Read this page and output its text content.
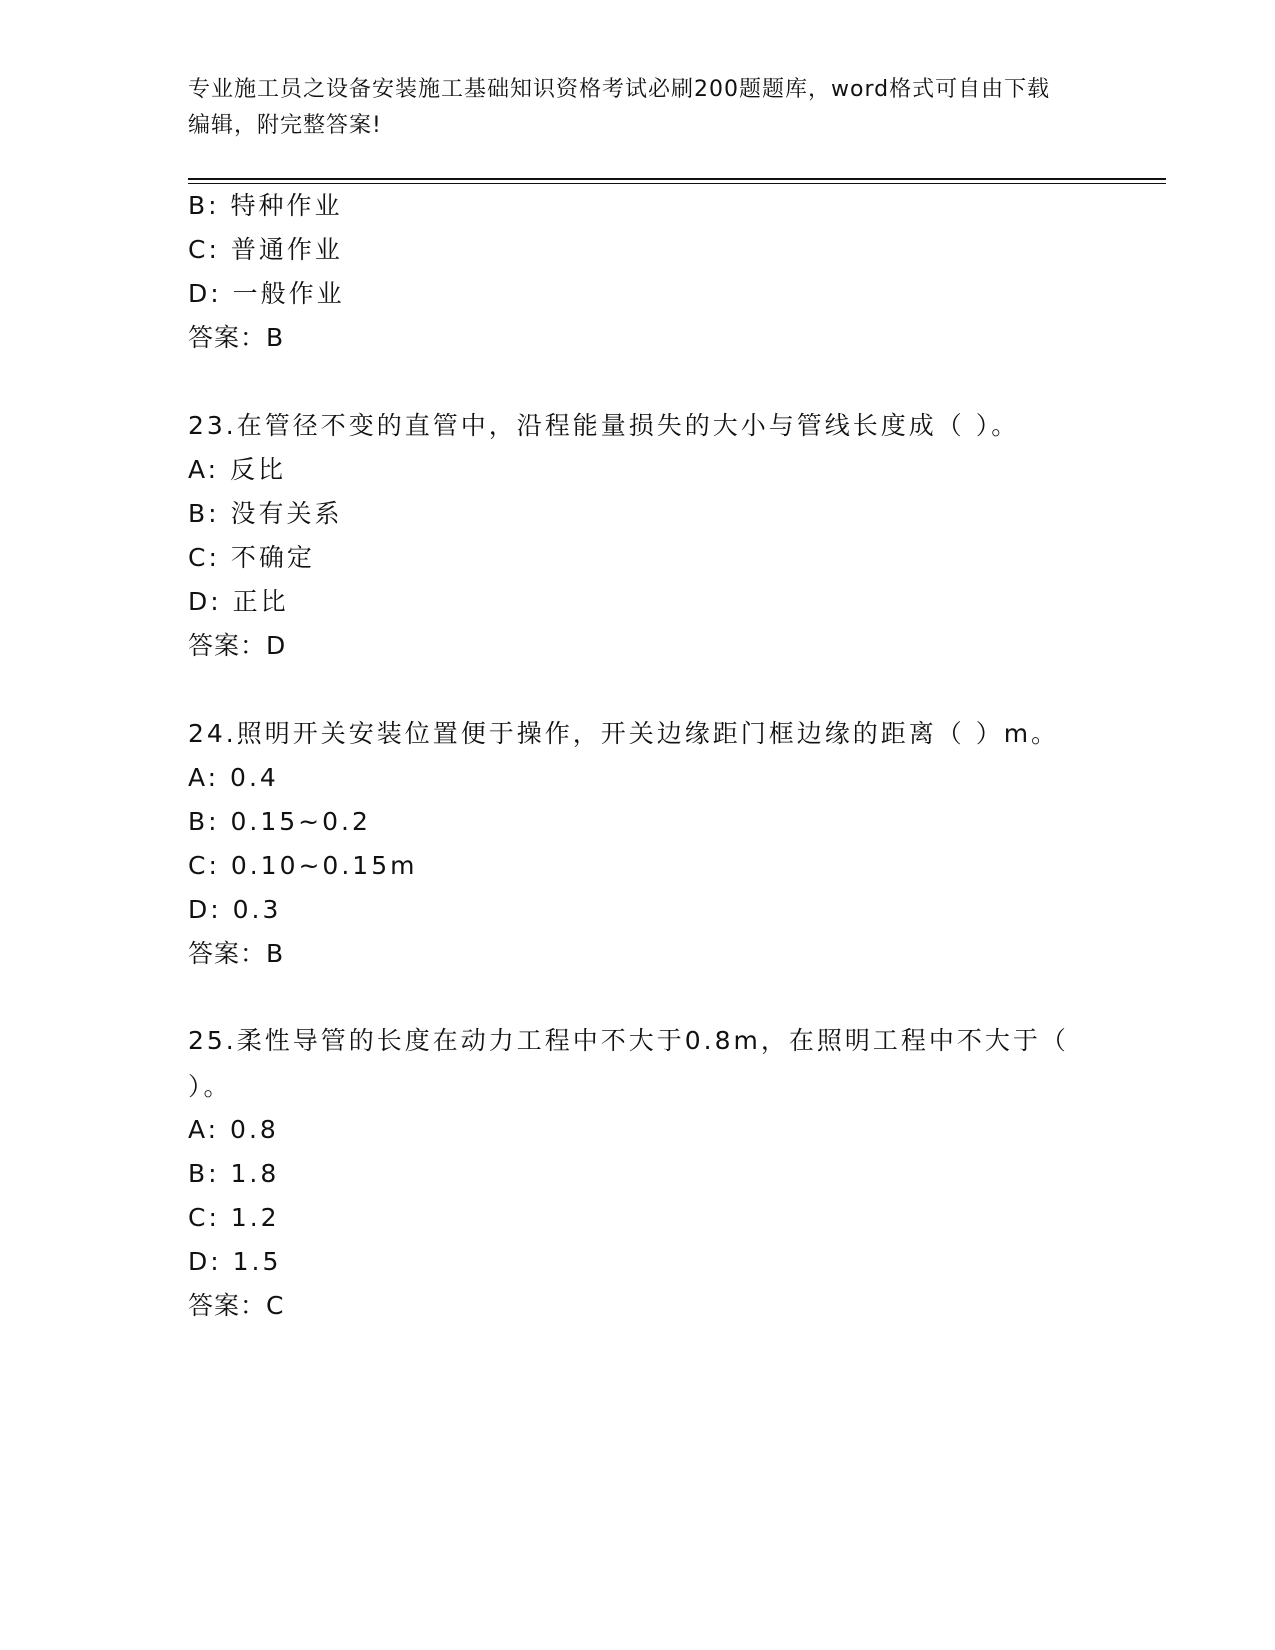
专业施工员之设备安装施工基础知识资格考试必刷200题题库，word格式可自由下载编辑，附完整答案!
B: 特种作业
C: 普通作业
D: 一般作业
答案：B
23.在管径不变的直管中，沿程能量损失的大小与管线长度成（ ）。
A: 反比
B: 没有关系
C: 不确定
D: 正比
答案：D
24.照明开关安装位置便于操作，开关边缘距门框边缘的距离（ ）m。
A: 0.4
B: 0.15~0.2
C: 0.10~0.15m
D: 0.3
答案：B
25.柔性导管的长度在动力工程中不大于0.8m，在照明工程中不大于（ ）。
A: 0.8
B: 1.8
C: 1.2
D: 1.5
答案：C
